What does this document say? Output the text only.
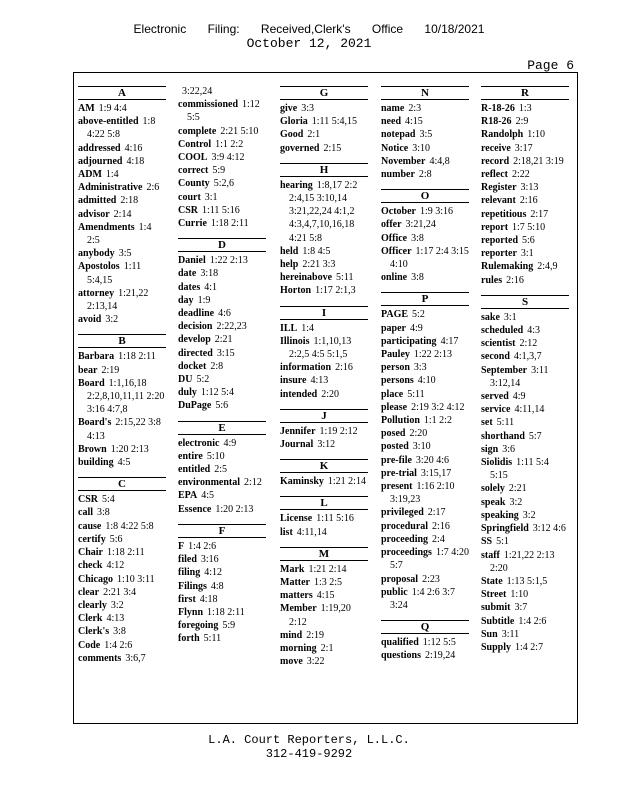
Electronic Filing: Received,Clerk's Office 10/18/2021
October 12, 2021
Page 6
A
AM 1:9 4:4
above-entitled 1:8 4:22 5:8
addressed 4:16
adjourned 4:18
ADM 1:4
Administrative 2:6
admitted 2:18
advisor 2:14
Amendments 1:4 2:5
anybody 3:5
Apostolos 1:11 5:4,15
attorney 1:21,22 2:13,14
avoid 3:2
B
Barbara 1:18 2:11
bear 2:19
Board 1:1,16,18 2:2,8,10,11,11 2:20 3:16 4:7,8
Board's 2:15,22 3:8 4:13
Brown 1:20 2:13
building 4:5
C
CSR 5:4
call 3:8
cause 1:8 4:22 5:8
certify 5:6
Chair 1:18 2:11
check 4:12
Chicago 1:10 3:11
clear 2:21 3:4
clearly 3:2
Clerk 4:13
Clerk's 3:8
Code 1:4 2:6
comments 3:6,7
3:22,24
commissioned 1:12 5:5
complete 2:21 5:10
Control 1:1 2:2
COOL 3:9 4:12
correct 5:9
County 5:2,6
court 3:1
CSR 1:11 5:16
Currie 1:18 2:11
D
Daniel 1:22 2:13
date 3:18
dates 4:1
day 1:9
deadline 4:6
decision 2:22,23
develop 2:21
directed 3:15
docket 2:8
DU 5:2
duly 1:12 5:4
DuPage 5:6
E
electronic 4:9
entire 5:10
entitled 2:5
environmental 2:12
EPA 4:5
Essence 1:20 2:13
F
F 1:4 2:6
filed 3:16
filing 4:12
Filings 4:8
first 4:18
Flynn 1:18 2:11
foregoing 5:9
forth 5:11
G
give 3:3
Gloria 1:11 5:4,15
Good 2:1
governed 2:15
H
hearing 1:8,17 2:2 2:4,15 3:10,14 3:21,22,24 4:1,2 4:3,4,7,10,16,18 4:21 5:8
held 1:8 4:5
help 2:21 3:3
hereinabove 5:11
Horton 1:17 2:1,3
I
ILL 1:4
Illinois 1:1,10,13 2:2,5 4:5 5:1,5
information 2:16
insure 4:13
intended 2:20
J
Jennifer 1:19 2:12
Journal 3:12
K
Kaminsky 1:21 2:14
L
License 1:11 5:16
list 4:11,14
M
Mark 1:21 2:14
Matter 1:3 2:5
matters 4:15
Member 1:19,20 2:12
mind 2:19
morning 2:1
move 3:22
N
name 2:3
need 4:15
notepad 3:5
Notice 3:10
November 4:4,8
number 2:8
O
October 1:9 3:16
offer 3:21,24
Office 3:8
Officer 1:17 2:4 3:15 4:10
online 3:8
P
PAGE 5:2
paper 4:9
participating 4:17
Pauley 1:22 2:13
person 3:3
persons 4:10
place 5:11
please 2:19 3:2 4:12
Pollution 1:1 2:2
posed 2:20
posted 3:10
pre-file 3:20 4:6
pre-trial 3:15,17
present 1:16 2:10 3:19,23
privileged 2:17
procedural 2:16
proceeding 2:4
proceedings 1:7 4:20 5:7
proposal 2:23
public 1:4 2:6 3:7 3:24
Q
qualified 1:12 5:5
questions 2:19,24
R
R-18-26 1:3
R18-26 2:9
Randolph 1:10
receive 3:17
record 2:18,21 3:19
reflect 2:22
Register 3:13
relevant 2:16
repetitious 2:17
report 1:7 5:10
reported 5:6
reporter 3:1
Rulemaking 2:4,9
rules 2:16
S
sake 3:1
scheduled 4:3
scientist 2:12
second 4:1,3,7
September 3:11 3:12,14
served 4:9
service 4:11,14
set 5:11
shorthand 5:7
sign 3:6
Siolidis 1:11 5:4 5:15
solely 2:21
speak 3:2
speaking 3:2
Springfield 3:12 4:6
SS 5:1
staff 1:21,22 2:13 2:20
State 1:13 5:1,5
Street 1:10
submit 3:7
Subtitle 1:4 2:6
Sun 3:11
Supply 1:4 2:7
L.A. Court Reporters, L.L.C.
312-419-9292
